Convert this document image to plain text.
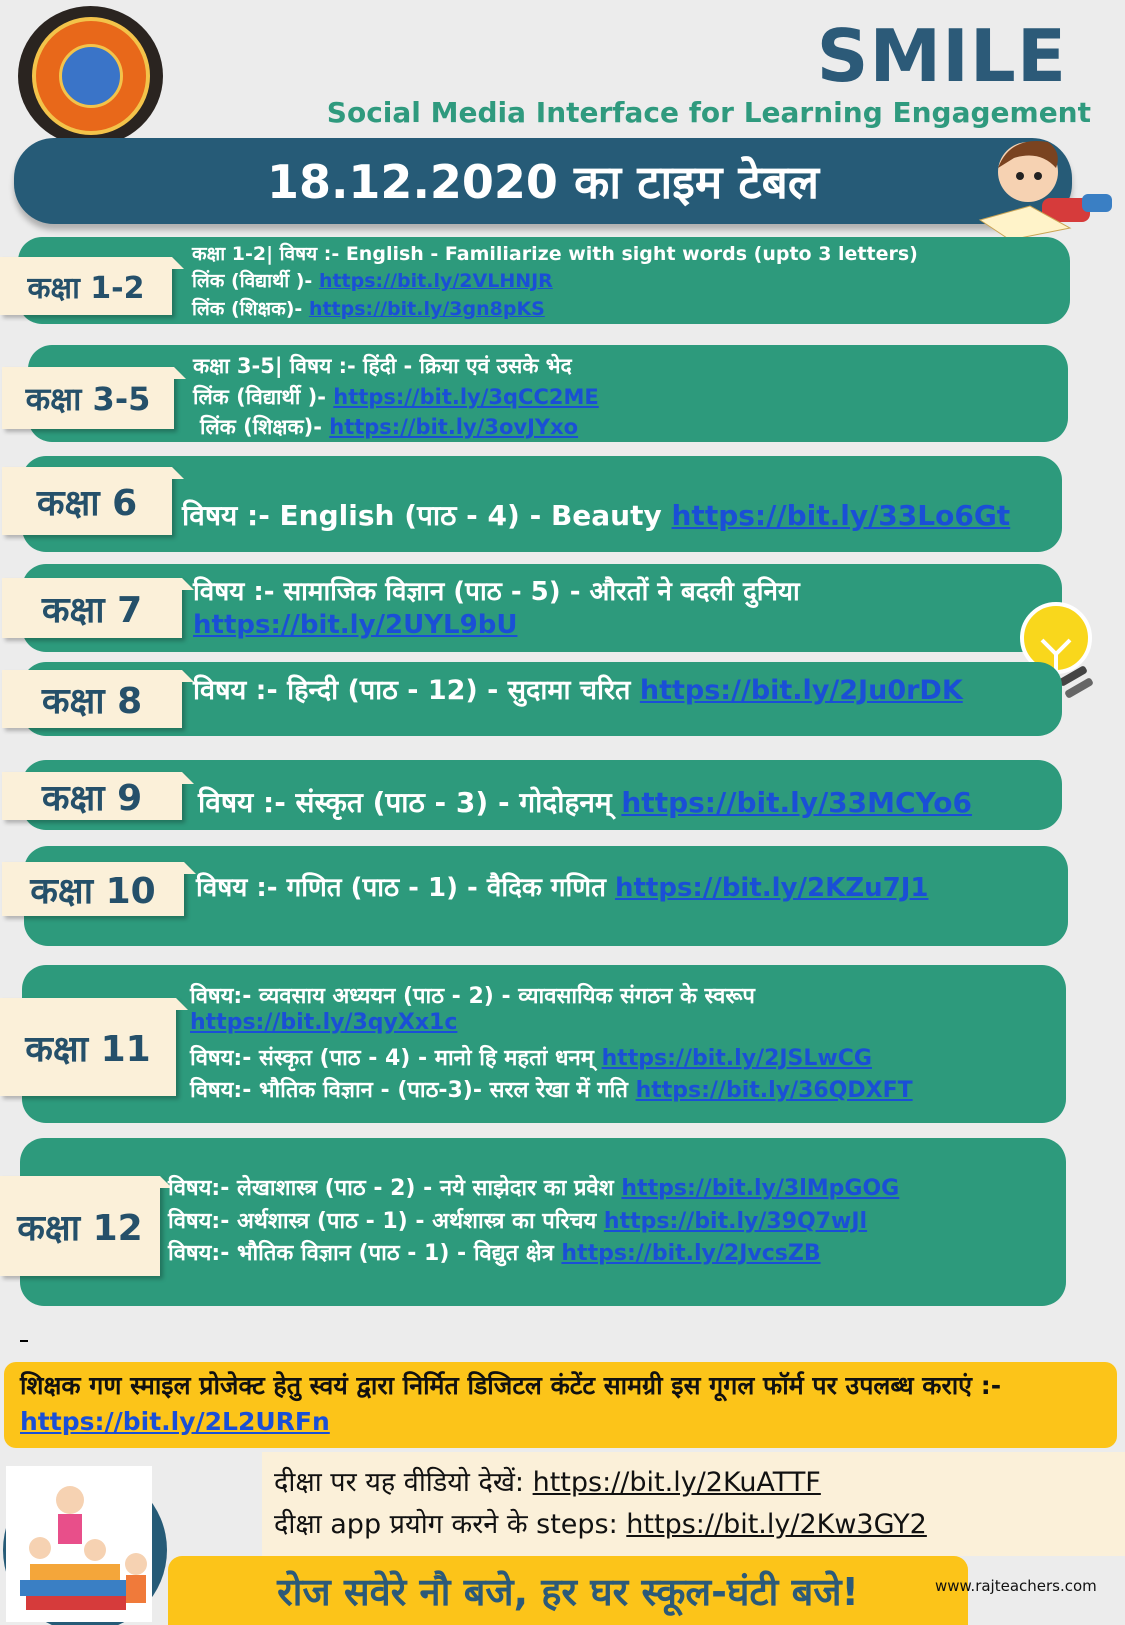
SMILE
Social Media Interface for Learning Engagement
18.12.2020 का टाइम टेबल
कक्षा 1-2
कक्षा 1-2| विषय :- English - Familiarize with sight words (upto 3 letters)
लिंक (विद्यार्थी )- https://bit.ly/2VLHNJR
लिंक (शिक्षक)- https://bit.ly/3gn8pKS
कक्षा 3-5
कक्षा 3-5| विषय :- हिंदी - क्रिया एवं उसके भेद
लिंक (विद्यार्थी )- https://bit.ly/3qCC2ME
लिंक (शिक्षक)- https://bit.ly/3ovJYxo
कक्षा 6	विषय :- English (पाठ - 4) - Beauty https://bit.ly/33Lo6Gt
कक्षा 7	विषय :- सामाजिक विज्ञान (पाठ - 5) - औरतों ने बदली दुनिया
https://bit.ly/2UYL9bU
कक्षा 8	विषय :- हिन्दी (पाठ - 12) - सुदामा चरित https://bit.ly/2Ju0rDK
कक्षा 9	विषय :- संस्कृत (पाठ - 3) - गोदोहनम् https://bit.ly/33MCYo6
कक्षा 10	विषय :- गणित (पाठ - 1) - वैदिक गणित https://bit.ly/2KZu7J1
कक्षा 11
विषय:- व्यवसाय अध्ययन (पाठ - 2) - व्यावसायिक संगठन के स्वरूप
https://bit.ly/3qyXx1c
विषय:- संस्कृत (पाठ - 4) - मानो हि महतां धनम् https://bit.ly/2JSLwCG
विषय:- भौतिक विज्ञान - (पाठ-3)- सरल रेखा में गति https://bit.ly/36QDXFT
कक्षा 12
विषय:- लेखाशास्त्र (पाठ - 2) - नये साझेदार का प्रवेश https://bit.ly/3lMpGOG
विषय:- अर्थशास्त्र (पाठ - 1) - अर्थशास्त्र का परिचय https://bit.ly/39Q7wJl
विषय:- भौतिक विज्ञान (पाठ - 1) - विद्युत क्षेत्र https://bit.ly/2JvcsZB
शिक्षक गण स्माइल प्रोजेक्ट हेतु स्वयं द्वारा निर्मित डिजिटल कंटेंट सामग्री इस गूगल फॉर्म पर उपलब्ध कराएं :- https://bit.ly/2L2URFn
दीक्षा पर यह वीडियो देखें: https://bit.ly/2KuATTF
दीक्षा app प्रयोग करने के steps: https://bit.ly/2Kw3GY2
रोज सवेरे नौ बजे, हर घर स्कूल-घंटी बजे!	www.rajteachers.com
